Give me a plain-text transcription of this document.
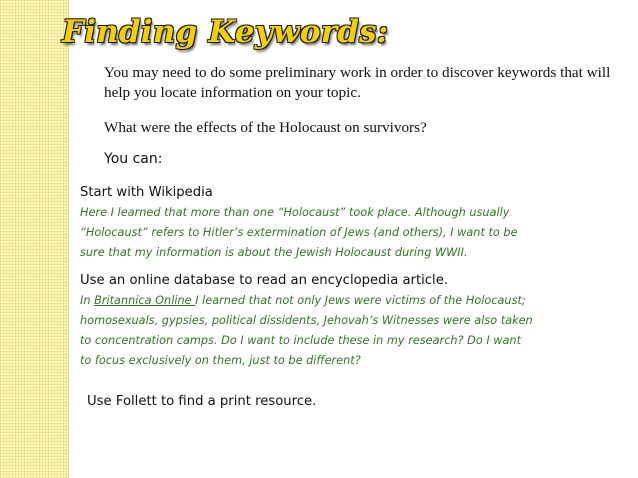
Finding Keywords:

You may need to do some preliminary work in order to discover keywords that will help you locate information on your topic.

What were the effects of the Holocaust on survivors?

You can:

Start with Wikipedia

Here I learned that more than one “Holocaust” took place. Although usually

“Holocaust” refers to Hitler’s extermination of Jews (and others), I want to be

sure that my information is about the Jewish Holocaust during WWII.

Use an online database to read an encyclopedia article.

In Britannica Online I learned that not only Jews were victims of the Holocaust;

homosexuals, gypsies, political dissidents, Jehovah’s Witnesses were also taken

to concentration camps. Do I want to include these in my research? Do I want

to focus exclusively on them, just to be different?

Use Follett to find a print resource.
